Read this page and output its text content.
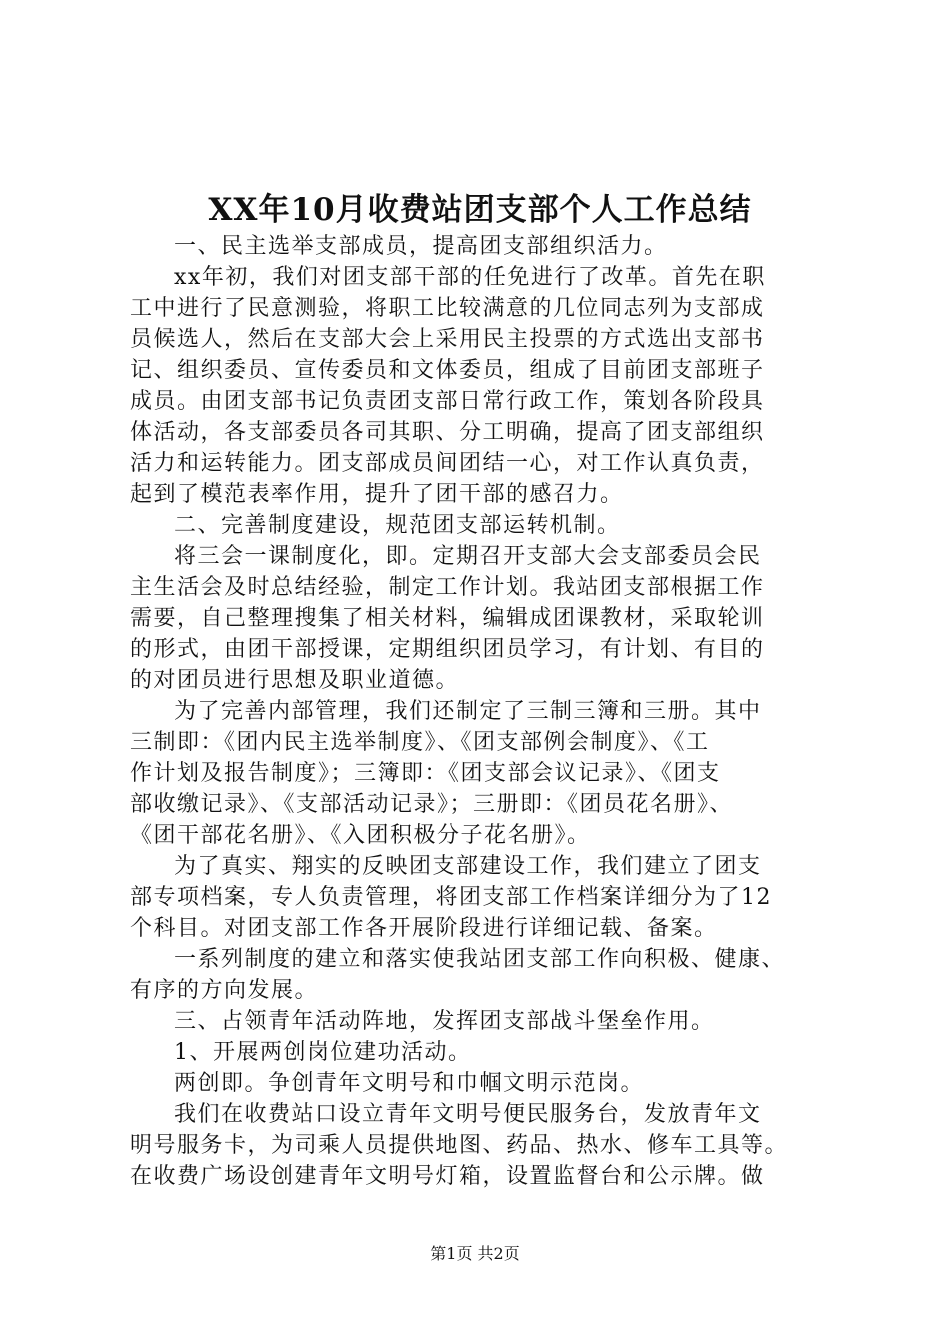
XX年10月收费站团支部个人工作总结
一、民主选举支部成员，提高团支部组织活力。
xx年初，我们对团支部干部的任免进行了改革。首先在职
工中进行了民意测验，将职工比较满意的几位同志列为支部成
员候选人，然后在支部大会上采用民主投票的方式选出支部书
记、组织委员、宣传委员和文体委员，组成了目前团支部班子
成员。由团支部书记负责团支部日常行政工作，策划各阶段具
体活动，各支部委员各司其职、分工明确，提高了团支部组织
活力和运转能力。团支部成员间团结一心，对工作认真负责，
起到了模范表率作用，提升了团干部的感召力。
二、完善制度建设，规范团支部运转机制。
将三会一课制度化，即。定期召开支部大会支部委员会民
主生活会及时总结经验，制定工作计划。我站团支部根据工作
需要，自己整理搜集了相关材料，编辑成团课教材，采取轮训
的形式，由团干部授课，定期组织团员学习，有计划、有目的
的对团员进行思想及职业道德。
为了完善内部管理，我们还制定了三制三簿和三册。其中
三制即：《团内民主选举制度》、《团支部例会制度》、《工
作计划及报告制度》；三簿即：《团支部会议记录》、《团支
部收缴记录》、《支部活动记录》；三册即：《团员花名册》、
《团干部花名册》、《入团积极分子花名册》。
为了真实、翔实的反映团支部建设工作，我们建立了团支
部专项档案，专人负责管理，将团支部工作档案详细分为了12
个科目。对团支部工作各开展阶段进行详细记载、备案。
一系列制度的建立和落实使我站团支部工作向积极、健康、
有序的方向发展。
三、占领青年活动阵地，发挥团支部战斗堡垒作用。
1、开展两创岗位建功活动。
两创即。争创青年文明号和巾帼文明示范岗。
我们在收费站口设立青年文明号便民服务台，发放青年文
明号服务卡，为司乘人员提供地图、药品、热水、修车工具等。
在收费广场设创建青年文明号灯箱，设置监督台和公示牌。做
第1页 共2页
